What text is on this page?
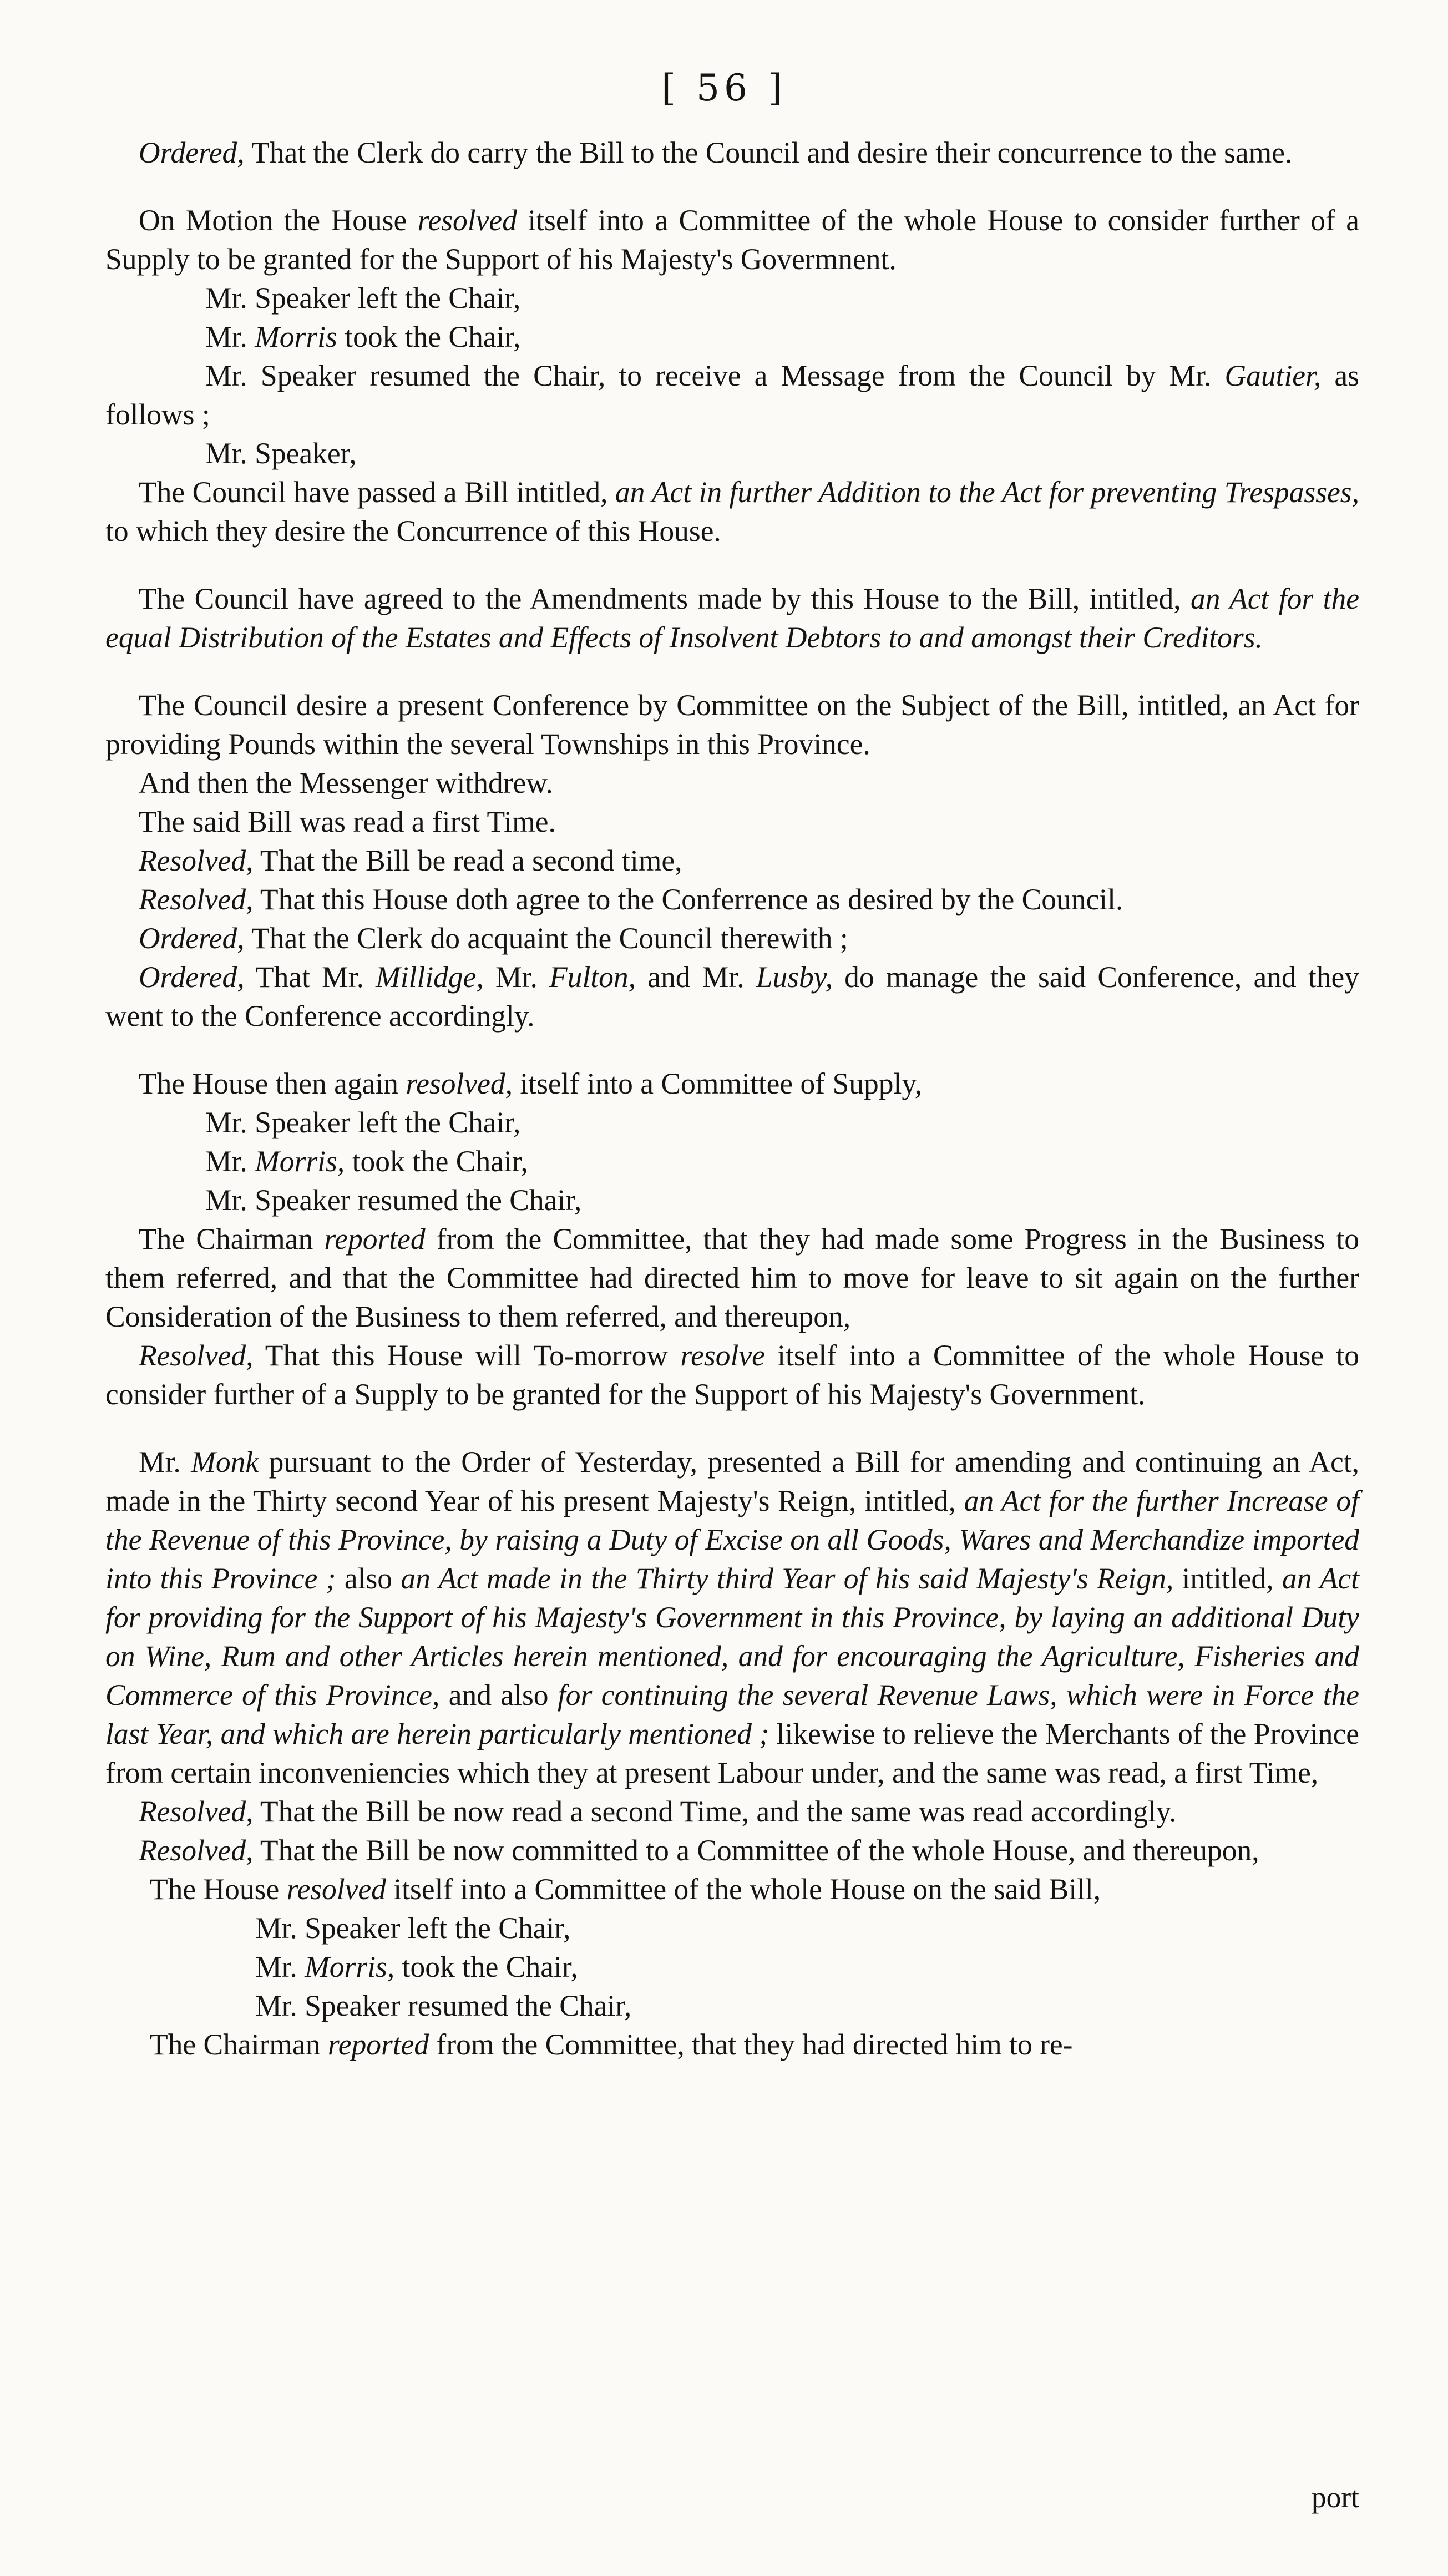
[ 56 ]

Ordered, That the Clerk do carry the Bill to the Council and desire their concurrence to the same.

On Motion the House resolved itself into a Committee of the whole House to consider further of a Supply to be granted for the Support of his Majesty's Govermnent.

Mr. Speaker left the Chair,

Mr. Morris took the Chair,

Mr. Speaker resumed the Chair, to receive a Message from the Council by Mr. Gautier, as follows ;

Mr. Speaker,

The Council have passed a Bill intitled, an Act in further Addition to the Act for preventing Trespasses, to which they desire the Concurrence of this House.

The Council have agreed to the Amendments made by this House to the Bill, intitled, an Act for the equal Distribution of the Estates and Effects of Insolvent Debtors to and amongst their Creditors.

The Council desire a present Conference by Committee on the Subject of the Bill, intitled, an Act for providing Pounds within the several Townships in this Province.

And then the Messenger withdrew.

The said Bill was read a first Time.

Resolved, That the Bill be read a second time,

Resolved, That this House doth agree to the Conferrence as desired by the Council.

Ordered, That the Clerk do acquaint the Council therewith ;

Ordered, That Mr. Millidge, Mr. Fulton, and Mr. Lusby, do manage the said Conference, and they went to the Conference accordingly.

The House then again resolved, itself into a Committee of Supply,

Mr. Speaker left the Chair,

Mr. Morris, took the Chair,

Mr. Speaker resumed the Chair,

The Chairman reported from the Committee, that they had made some Progress in the Business to them referred, and that the Committee had directed him to move for leave to sit again on the further Consideration of the Business to them referred, and thereupon,

Resolved, That this House will To-morrow resolve itself into a Committee of the whole House to consider further of a Supply to be granted for the Support of his Majesty's Government.

Mr. Monk pursuant to the Order of Yesterday, presented a Bill for amending and continuing an Act, made in the Thirty second Year of his present Majesty's Reign, intitled, an Act for the further Increase of the Revenue of this Province, by raising a Duty of Excise on all Goods, Wares and Merchandize imported into this Province ; also an Act made in the Thirty third Year of his said Majesty's Reign, intitled, an Act for providing for the Support of his Majesty's Government in this Province, by laying an additional Duty on Wine, Rum and other Articles herein mentioned, and for encouraging the Agriculture, Fisheries and Commerce of this Province, and also for continuing the several Revenue Laws, which were in Force the last Year, and which are herein particularly mentioned ; likewise to relieve the Merchants of the Province from certain inconveniencies which they at present Labour under, and the same was read, a first Time,

Resolved, That the Bill be now read a second Time, and the same was read accordingly.

Resolved, That the Bill be now committed to a Committee of the whole House, and thereupon,

The House resolved itself into a Committee of the whole House on the said Bill,

Mr. Speaker left the Chair,

Mr. Morris, took the Chair,

Mr. Speaker resumed the Chair,

The Chairman reported from the Committee, that they had directed him to re-

port
